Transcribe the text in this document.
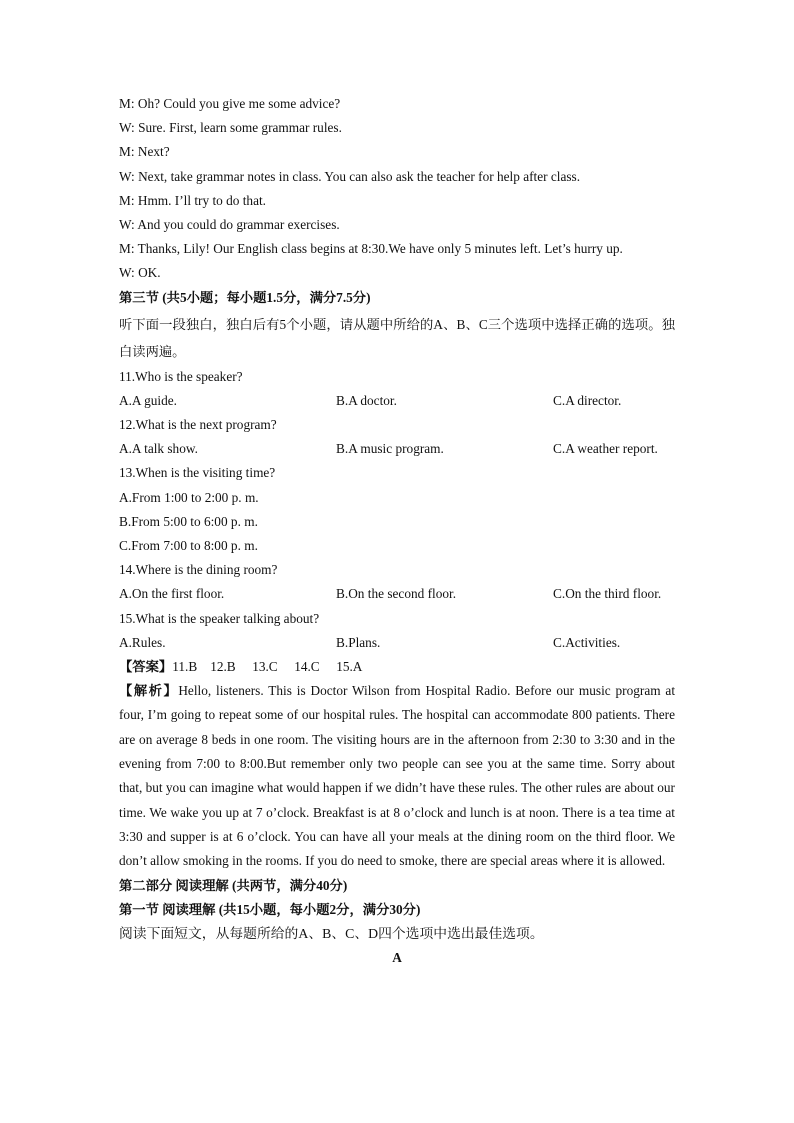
M: Oh? Could you give me some advice?
W: Sure. First, learn some grammar rules.
M: Next?
W: Next, take grammar notes in class. You can also ask the teacher for help after class.
M: Hmm. I’ll try to do that.
W: And you could do grammar exercises.
M: Thanks, Lily! Our English class begins at 8:30.We have only 5 minutes left. Let’s hurry up.
W: OK.
第三节 (共5小题；每小题1.5分，满分7.5分)
听下面一段独白，独白后有5个小题，请从题中所给的A、B、C三个选项中选择正确的选项。独白读两遍。
11.Who is the speaker?
A.A guide.	B.A doctor.	C.A director.
12.What is the next program?
A.A talk show.	B.A music program.	C.A weather report.
13.When is the visiting time?
A.From 1:00 to 2:00 p. m.
B.From 5:00 to 6:00 p. m.
C.From 7:00 to 8:00 p. m.
14.Where is the dining room?
A.On the first floor.	B.On the second floor.	C.On the third floor.
15.What is the speaker talking about?
A.Rules.	B.Plans.	C.Activities.
【答案】11.B 12.B 13.C 14.C 15.A
【解析】Hello, listeners. This is Doctor Wilson from Hospital Radio. Before our music program at four, I’m going to repeat some of our hospital rules. The hospital can accommodate 800 patients. There are on average 8 beds in one room. The visiting hours are in the afternoon from 2:30 to 3:30 and in the evening from 7:00 to 8:00.But remember only two people can see you at the same time. Sorry about that, but you can imagine what would happen if we didn’t have these rules. The other rules are about our time. We wake you up at 7 o’clock. Breakfast is at 8 o’clock and lunch is at noon. There is a tea time at 3:30 and supper is at 6 o’clock. You can have all your meals at the dining room on the third floor. We don’t allow smoking in the rooms. If you do need to smoke, there are special areas where it is allowed.
第二部分 阅读理解 (共两节，满分40分)
第一节 阅读理解 (共15小题，每小题2分，满分30分)
阅读下面短文，从每题所给的A、B、C、D四个选项中选出最佳选项。
A
